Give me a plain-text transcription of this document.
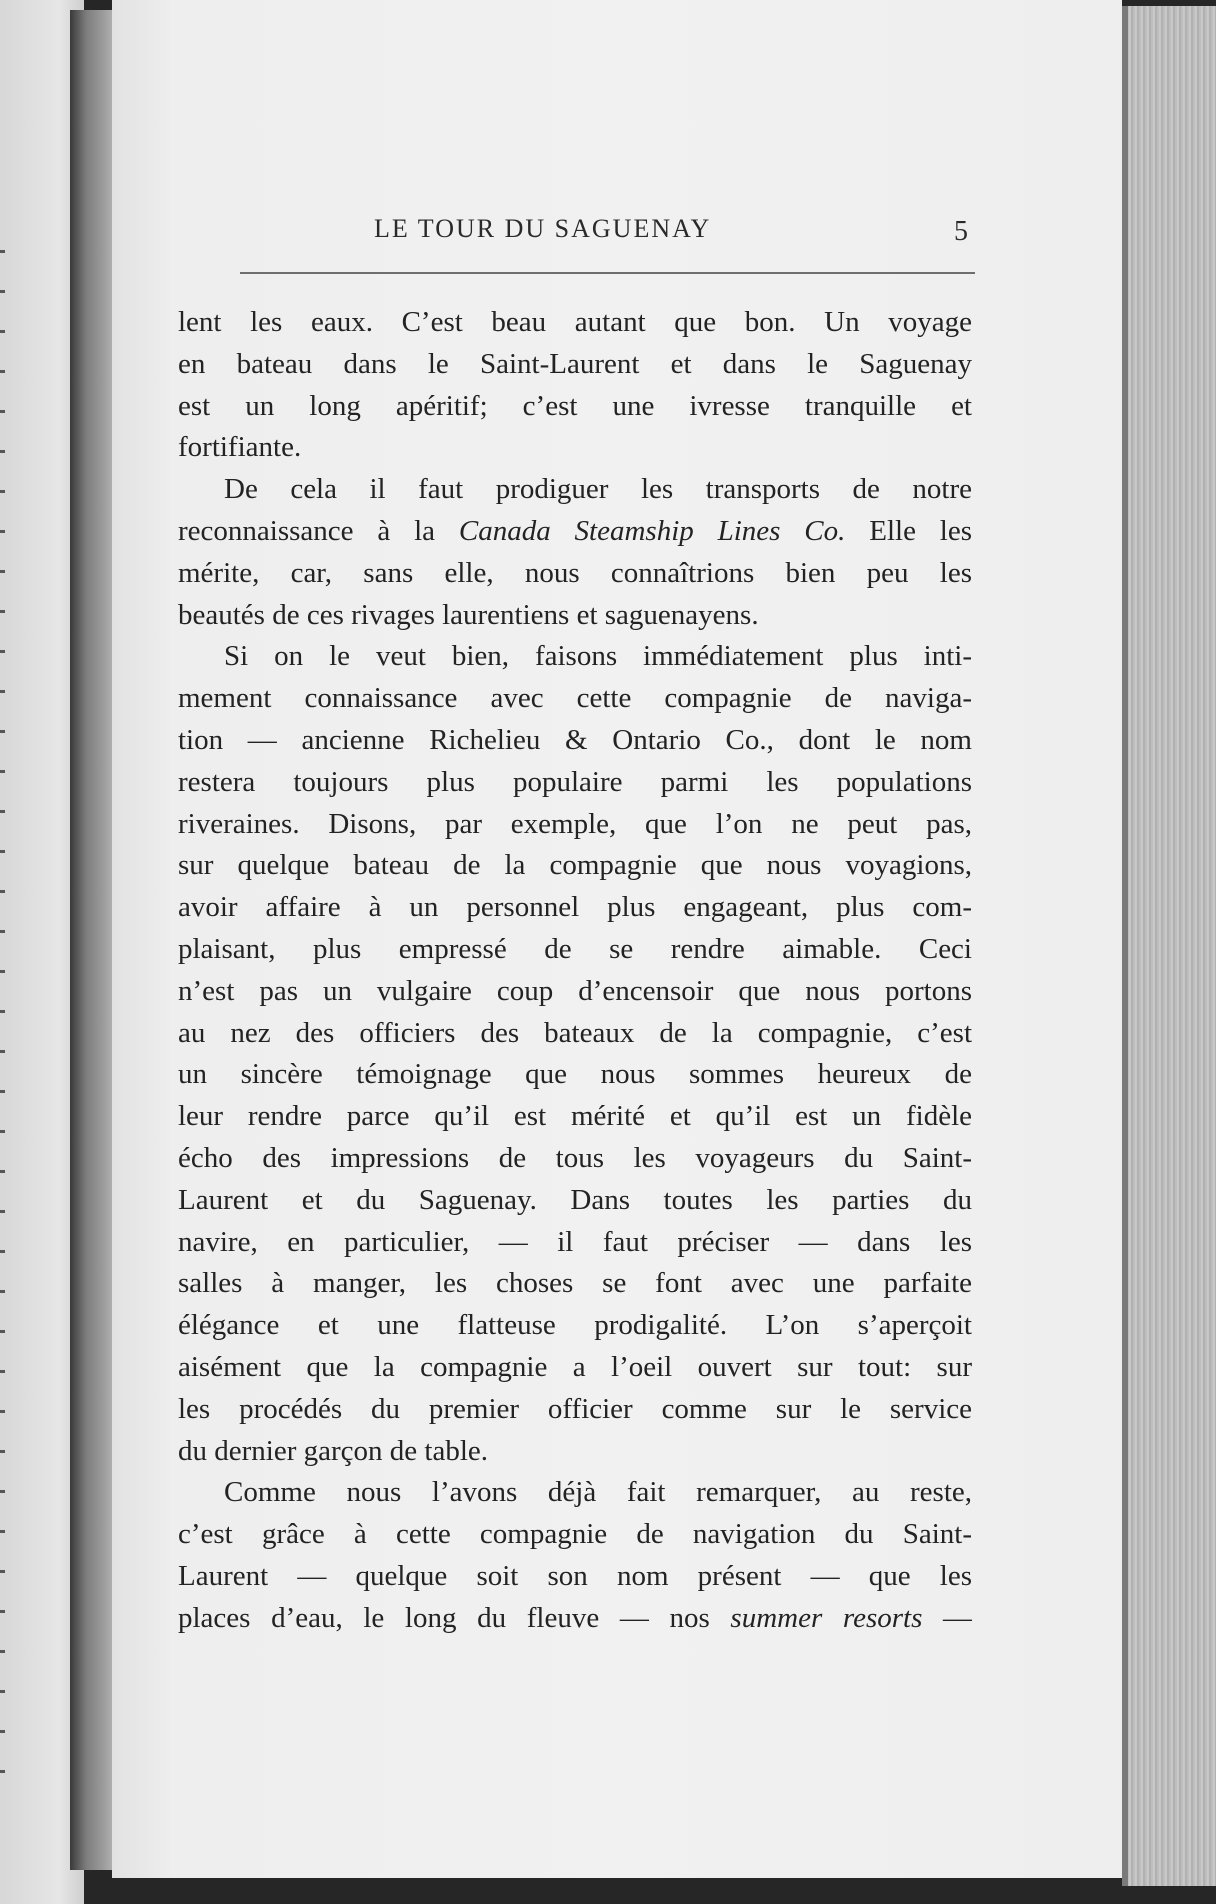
LE TOUR DU SAGUENAY	5
lent les eaux. C’est beau autant que bon. Un voyage
en bateau dans le Saint-Laurent et dans le Saguenay
est un long apéritif; c’est une ivresse tranquille et
fortifiante.
De cela il faut prodiguer les transports de notre
reconnaissance à la Canada Steamship Lines Co. Elle les
mérite, car, sans elle, nous connaîtrions bien peu les
beautés de ces rivages laurentiens et saguenayens.
Si on le veut bien, faisons immédiatement plus inti-
mement connaissance avec cette compagnie de naviga-
tion — ancienne Richelieu & Ontario Co., dont le nom
restera toujours plus populaire parmi les populations
riveraines. Disons, par exemple, que l’on ne peut pas,
sur quelque bateau de la compagnie que nous voyagions,
avoir affaire à un personnel plus engageant, plus com-
plaisant, plus empressé de se rendre aimable. Ceci
n’est pas un vulgaire coup d’encensoir que nous portons
au nez des officiers des bateaux de la compagnie, c’est
un sincère témoignage que nous sommes heureux de
leur rendre parce qu’il est mérité et qu’il est un fidèle
écho des impressions de tous les voyageurs du Saint-
Laurent et du Saguenay. Dans toutes les parties du
navire, en particulier, — il faut préciser — dans les
salles à manger, les choses se font avec une parfaite
élégance et une flatteuse prodigalité. L’on s’aperçoit
aisément que la compagnie a l’oeil ouvert sur tout: sur
les procédés du premier officier comme sur le service
du dernier garçon de table.
Comme nous l’avons déjà fait remarquer, au reste,
c’est grâce à cette compagnie de navigation du Saint-
Laurent — quelque soit son nom présent — que les
places d’eau, le long du fleuve — nos summer resorts —
